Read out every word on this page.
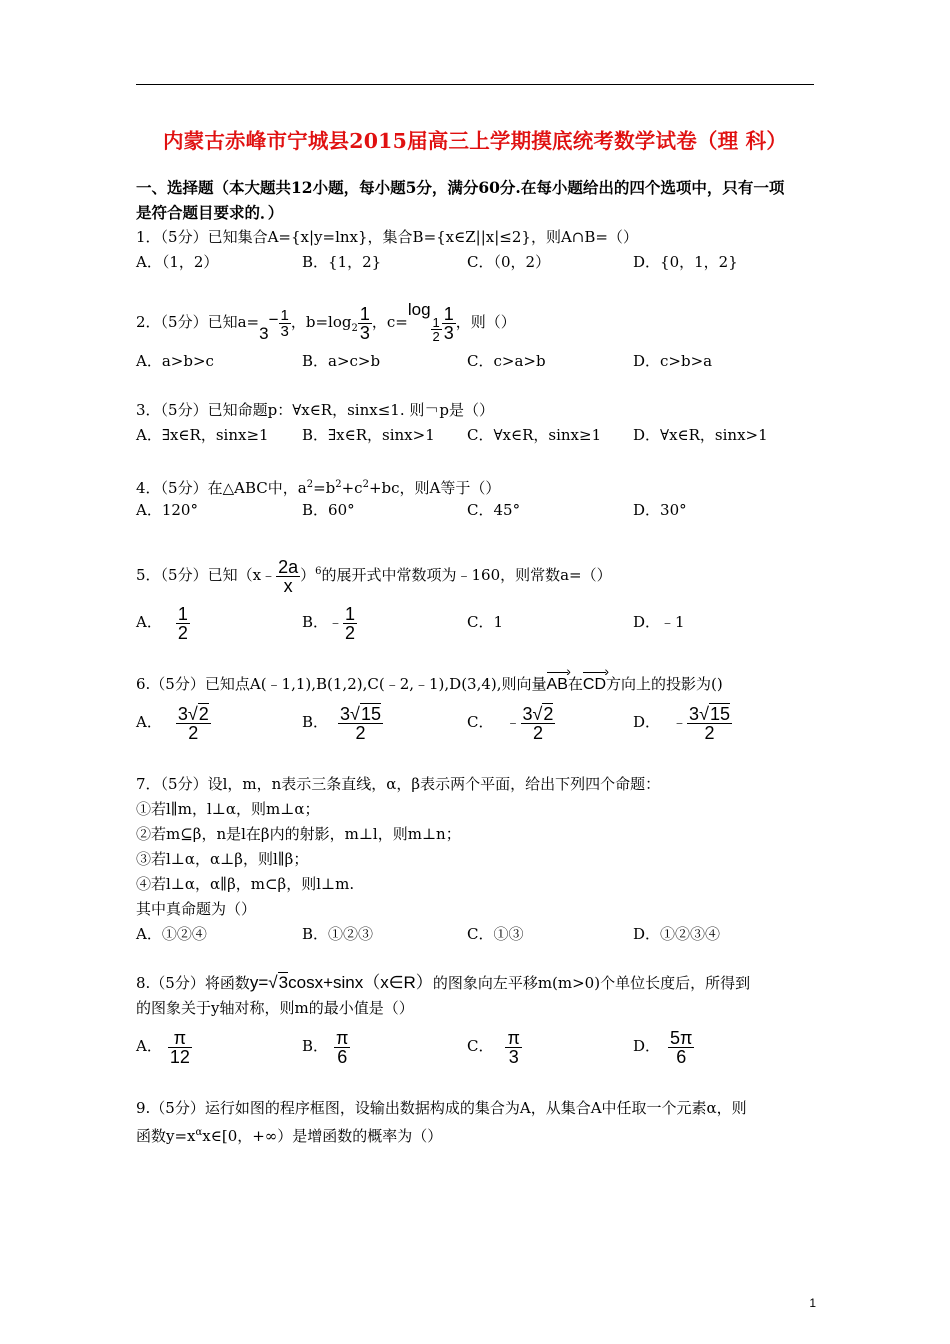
内蒙古赤峰市宁城县2015届高三上学期摸底统考数学试卷（理 科）
一、选择题（本大题共12小题，每小题5分，满分60分.在每小题给出的四个选项中，只有一项
是符合题目要求的．）
1．（5分）已知集合A={x|y=lnx}，集合B={x∈Z||x|≤2}，则A∩B=（）
A．（1，2）	B．{1，2}	C．（0，2）	D．{0，1，2}
2．（5分）已知$a=3- \frac{1}{3}$ ，$b=\log_2 \frac{1}{3}$ ，c=log
$\frac{1}{2} \frac{1}{3}$ ，则（）
A．a>b>c	B．a>c>b	C．c>a>b	D．c>b>a
3．（5分）已知命题p：∀x∈R，sinx≤1. 则￢p是（）
A．∃x∈R，sinx≥1 B．∃x∈R，sinx>1 C．∀x∈R，sinx≥1 D．∀x∈R，sinx>1
4．（5分）在△ABC中，$a^2=b^2+c^2+bc$，则A等于（）
A．120°	B．60°	C．45°	D．30°
5．（5分）已知（x﹣ $\frac{2a}{x} )^6$的展开式中常数项为﹣160，则常数a=（）
A． $\frac{1}{2}$	B．﹣ $\frac{1}{2}$	C．1	D．﹣1
6.（5分）已知点A(﹣1,1),B(1,2),C(﹣2,﹣1),D(3,4),则向量AB ›在CD ›方向上的投影为()
A． $\frac{3√2}{2}$	B． $\frac{3√15}{2}$	C． ﹣ $\frac{3√2}{2}$	D． ﹣ $\frac{3√15}{2}$
7．（5分）设l，m，n表示三条直线，α，β表示两个平面，给出下列四个命题：
①若l∥m，l⊥α，则m⊥α；
②若m⊆β，n是l在β内的射影，m⊥l，则m⊥n；
③若l⊥α，α⊥β，则l∥β；
④若l⊥α，α∥β，m⊂β，则l⊥m.
其中真命题为（）
A．①②④	B．①②③	C．①③	D．①②③④
8.（5分）将函数y=√3cosx+sinx（x∈R）的图象向左平移m(m>0)个单位长度后，所得到
的图象关于y轴对称，则m的最小值是（）
A． $\frac{\pi}{12}$	B． $\frac{\pi}{6}$	C． $\frac{\pi}{3}$	D． $\frac{5\pi}{6}$
9.（5分）运行如图的程序框图，设输出数据构成的集合为A，从集合A中任取一个元素α，则
函数$y=x^\alpha x\in[0$，+∞）是增函数的概率为（）
1
